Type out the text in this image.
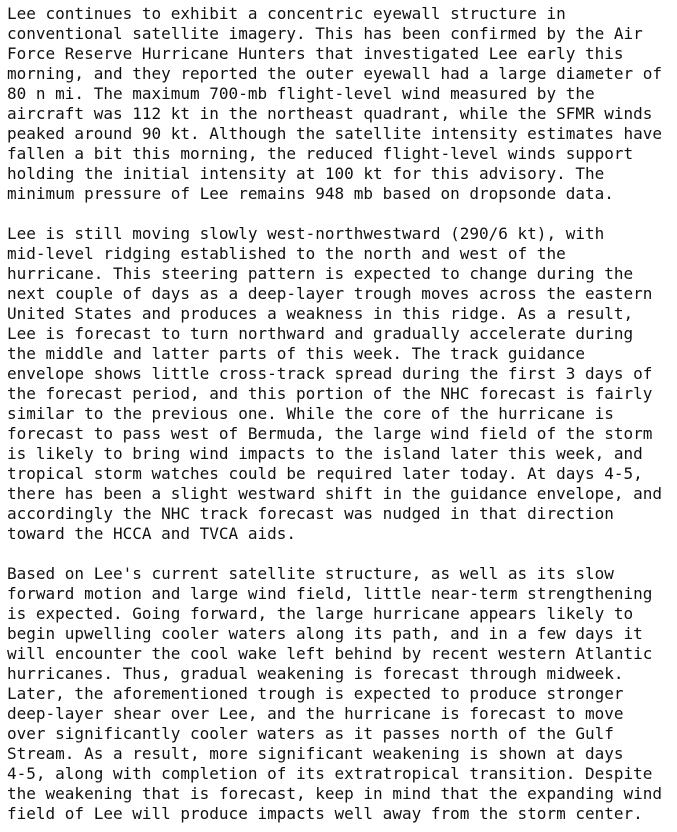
Lee continues to exhibit a concentric eyewall structure in
conventional satellite imagery. This has been confirmed by the Air
Force Reserve Hurricane Hunters that investigated Lee early this
morning, and they reported the outer eyewall had a large diameter of
80 n mi. The maximum 700-mb flight-level wind measured by the
aircraft was 112 kt in the northeast quadrant, while the SFMR winds
peaked around 90 kt. Although the satellite intensity estimates have
fallen a bit this morning, the reduced flight-level winds support
holding the initial intensity at 100 kt for this advisory. The
minimum pressure of Lee remains 948 mb based on dropsonde data.

Lee is still moving slowly west-northwestward (290/6 kt), with
mid-level ridging established to the north and west of the
hurricane. This steering pattern is expected to change during the
next couple of days as a deep-layer trough moves across the eastern
United States and produces a weakness in this ridge. As a result,
Lee is forecast to turn northward and gradually accelerate during
the middle and latter parts of this week. The track guidance
envelope shows little cross-track spread during the first 3 days of
the forecast period, and this portion of the NHC forecast is fairly
similar to the previous one. While the core of the hurricane is
forecast to pass west of Bermuda, the large wind field of the storm
is likely to bring wind impacts to the island later this week, and
tropical storm watches could be required later today. At days 4-5,
there has been a slight westward shift in the guidance envelope, and
accordingly the NHC track forecast was nudged in that direction
toward the HCCA and TVCA aids.

Based on Lee's current satellite structure, as well as its slow
forward motion and large wind field, little near-term strengthening
is expected. Going forward, the large hurricane appears likely to
begin upwelling cooler waters along its path, and in a few days it
will encounter the cool wake left behind by recent western Atlantic
hurricanes. Thus, gradual weakening is forecast through midweek.
Later, the aforementioned trough is expected to produce stronger
deep-layer shear over Lee, and the hurricane is forecast to move
over significantly cooler waters as it passes north of the Gulf
Stream. As a result, more significant weakening is shown at days
4-5, along with completion of its extratropical transition. Despite
the weakening that is forecast, keep in mind that the expanding wind
field of Lee will produce impacts well away from the storm center.
